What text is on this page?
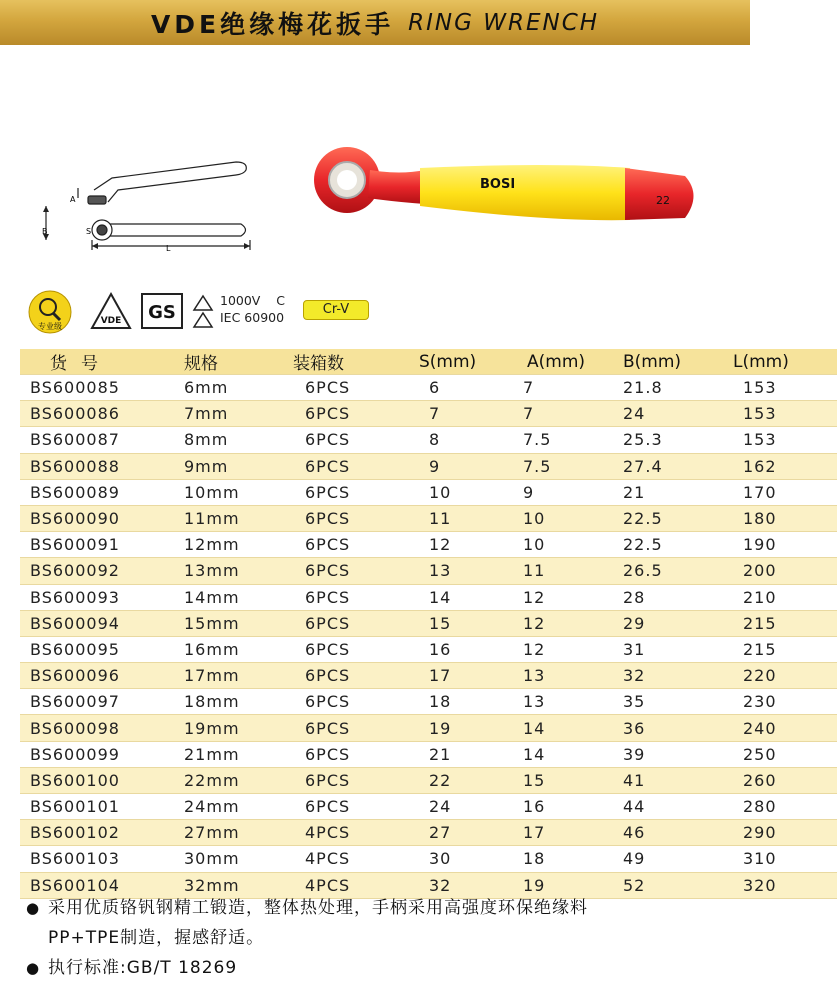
VDE绝缘梅花扳手 RING WRENCH
A
B	S
L
BOSI
22
专业级
VDE GS
1000V C
IEC 60900
Cr-V
货号	规格	装箱数	S(mm)	A(mm)	B(mm)	L(mm)
BS600085	6mm	6PCS	6	7	21.8	153
BS600086	7mm	6PCS	7	7	24	153
BS600087	8mm	6PCS	8	7.5	25.3	153
BS600088	9mm	6PCS	9	7.5	27.4	162
BS600089	10mm	6PCS	10	9	21	170
BS600090	11mm	6PCS	11	10	22.5	180
BS600091	12mm	6PCS	12	10	22.5	190
BS600092	13mm	6PCS	13	11	26.5	200
BS600093	14mm	6PCS	14	12	28	210
BS600094	15mm	6PCS	15	12	29	215
BS600095	16mm	6PCS	16	12	31	215
BS600096	17mm	6PCS	17	13	32	220
BS600097	18mm	6PCS	18	13	35	230
BS600098	19mm	6PCS	19	14	36	240
BS600099	21mm	6PCS	21	14	39	250
BS600100	22mm	6PCS	22	15	41	260
BS600101	24mm	6PCS	24	16	44	280
BS600102	27mm	4PCS	27	17	46	290
BS600103	30mm	4PCS	30	18	49	310
BS600104	32mm	4PCS	32	19	52	320
● 采用优质铬钒钢精工锻造，整体热处理，手柄采用高强度环保绝缘料
PP+TPE制造，握感舒适。
● 执行标准:GB/T 18269
